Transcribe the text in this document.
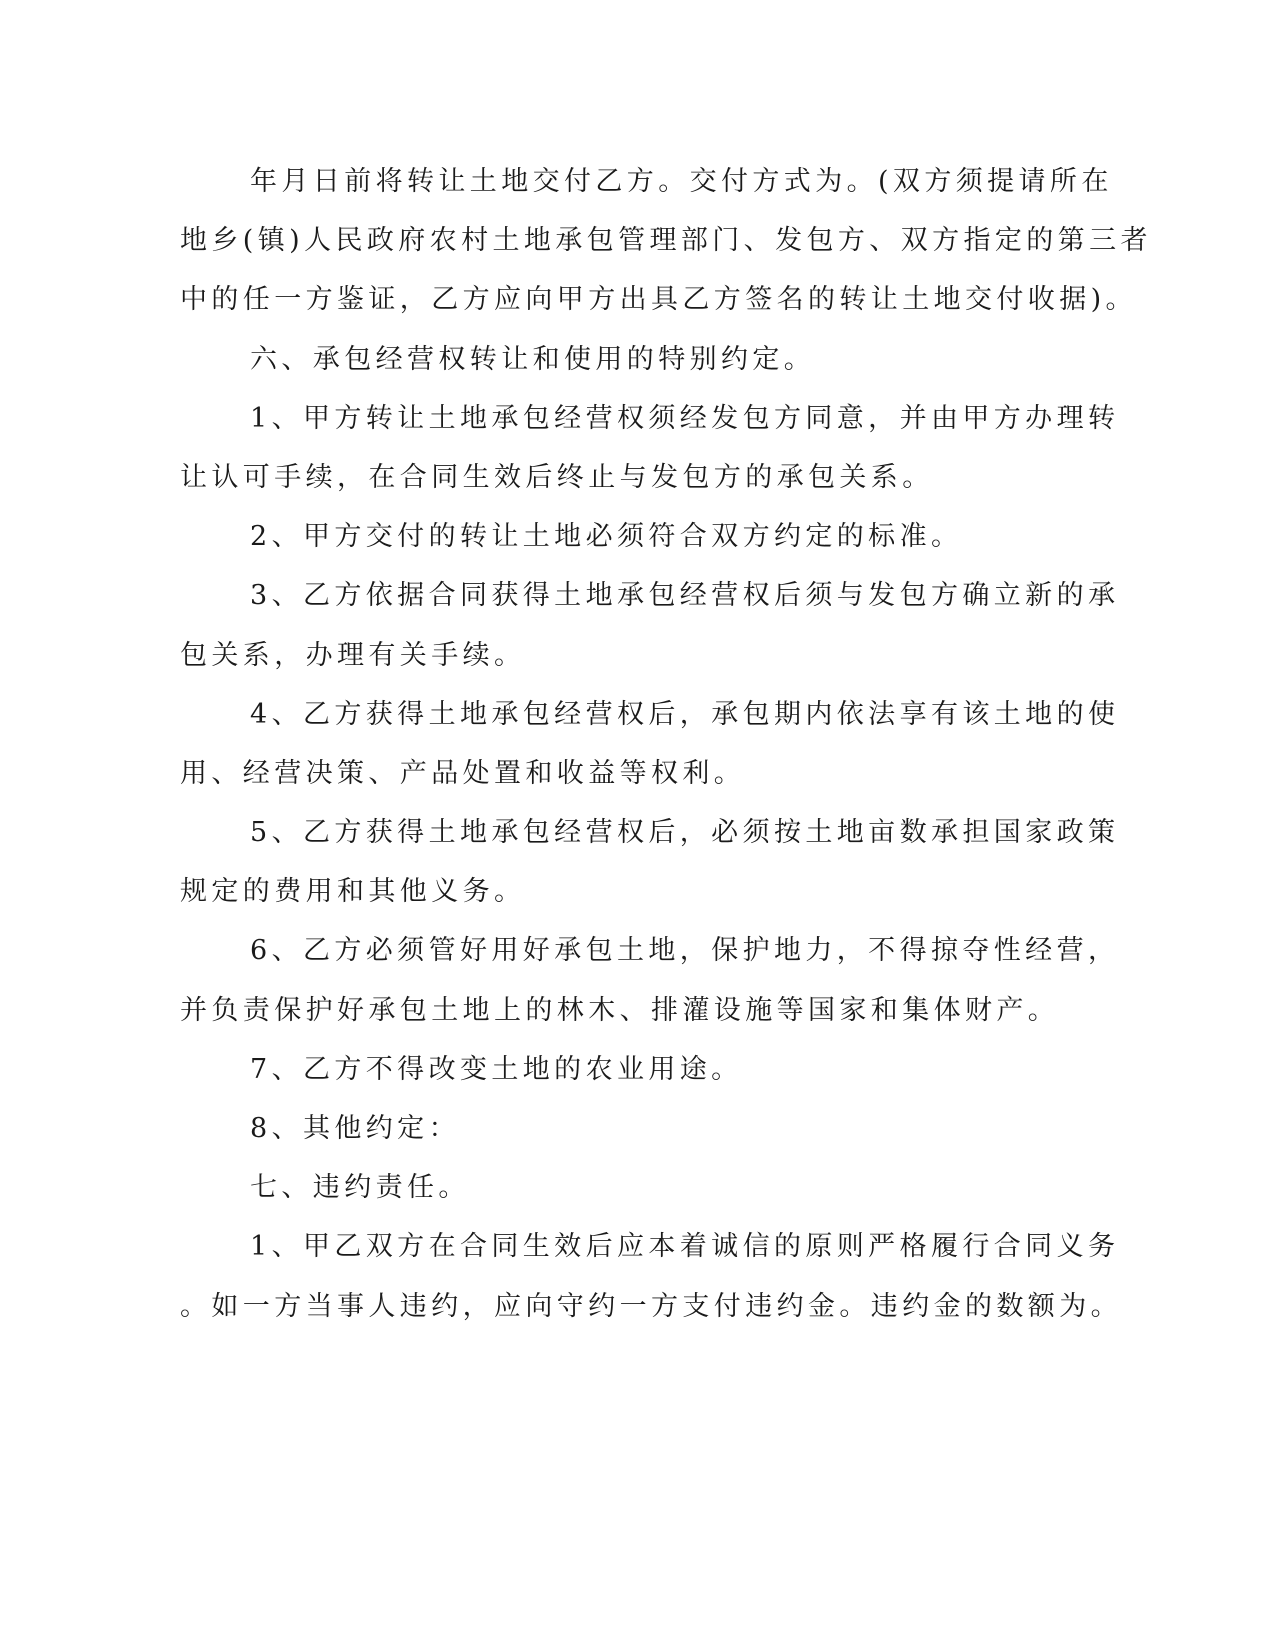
年月日前将转让土地交付乙方。交付方式为。(双方须提请所在
地乡(镇)人民政府农村土地承包管理部门、发包方、双方指定的第三者
中的任一方鉴证，乙方应向甲方出具乙方签名的转让土地交付收据)。
六、承包经营权转让和使用的特别约定。
1、甲方转让土地承包经营权须经发包方同意，并由甲方办理转
让认可手续，在合同生效后终止与发包方的承包关系。
2、甲方交付的转让土地必须符合双方约定的标准。
3、乙方依据合同获得土地承包经营权后须与发包方确立新的承
包关系，办理有关手续。
4、乙方获得土地承包经营权后，承包期内依法享有该土地的使
用、经营决策、产品处置和收益等权利。
5、乙方获得土地承包经营权后，必须按土地亩数承担国家政策
规定的费用和其他义务。
6、乙方必须管好用好承包土地，保护地力，不得掠夺性经营，
并负责保护好承包土地上的林木、排灌设施等国家和集体财产。
7、乙方不得改变土地的农业用途。
8、其他约定：
七、违约责任。
1、甲乙双方在合同生效后应本着诚信的原则严格履行合同义务
。如一方当事人违约，应向守约一方支付违约金。违约金的数额为。
